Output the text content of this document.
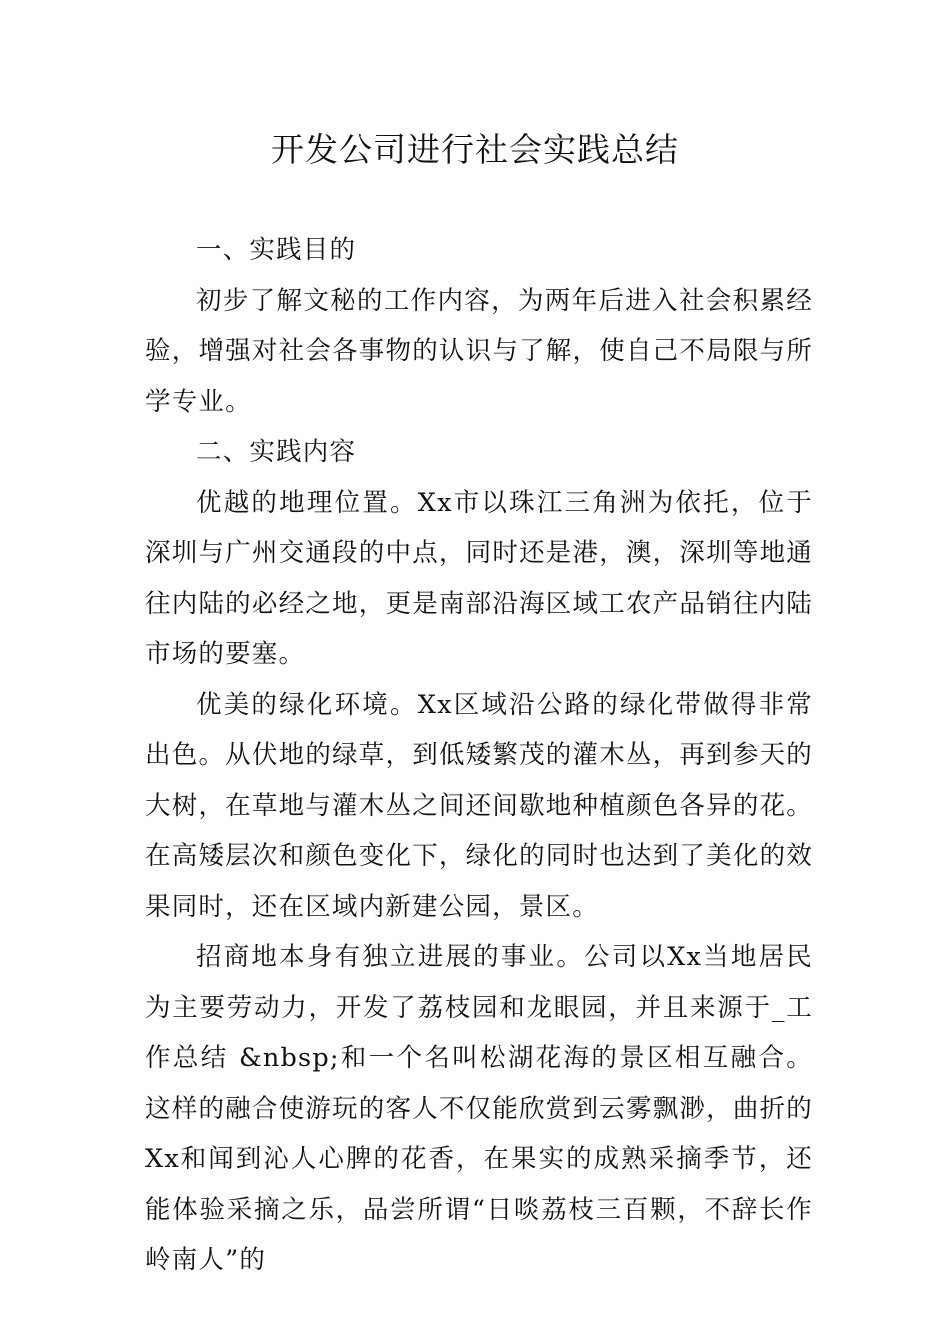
开发公司进行社会实践总结

一、实践目的

初步了解文秘的工作内容，为两年后进入社会积累经验，增强对社会各事物的认识与了解，使自己不局限与所学专业。

二、实践内容

优越的地理位置。Xx市以珠江三角洲为依托，位于深圳与广州交通段的中点，同时还是港，澳，深圳等地通往内陆的必经之地，更是南部沿海区域工农产品销往内陆市场的要塞。

优美的绿化环境。Xx区域沿公路的绿化带做得非常出色。从伏地的绿草，到低矮繁茂的灌木丛，再到参天的大树，在草地与灌木丛之间还间歇地种植颜色各异的花。在高矮层次和颜色变化下，绿化的同时也达到了美化的效果同时，还在区域内新建公园，景区。

招商地本身有独立进展的事业。公司以Xx当地居民为主要劳动力，开发了荔枝园和龙眼园，并且来源于_工作总结 &nbsp;和一个名叫松湖花海的景区相互融合。这样的融合使游玩的客人不仅能欣赏到云雾飘渺，曲折的Xx和闻到沁人心脾的花香，在果实的成熟采摘季节，还能体验采摘之乐，品尝所谓“日啖荔枝三百颗，不辞长作岭南人”的
